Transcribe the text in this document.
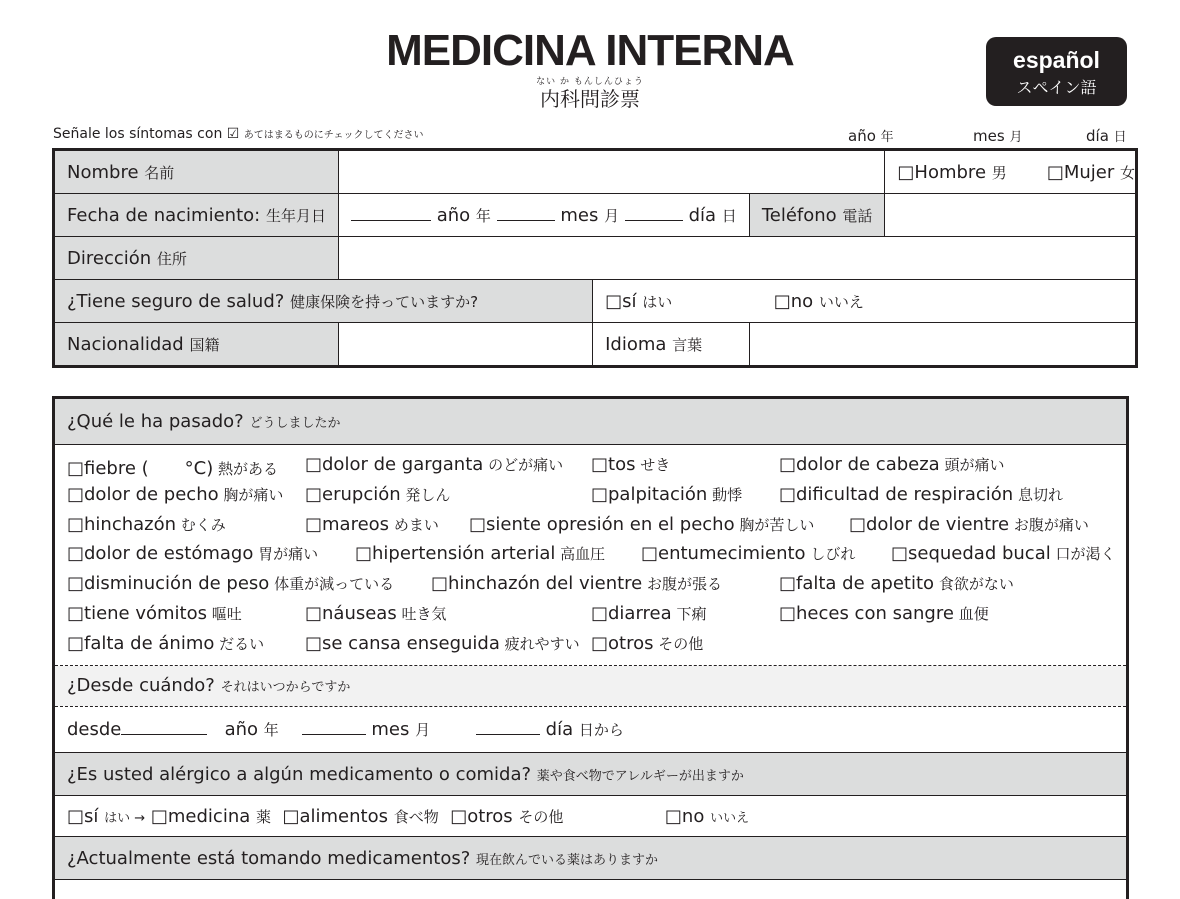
MEDICINA INTERNA
ない か もんしんひょう
内科問診票
español
スペイン語
Señale los síntomas con ☑ あてはまるものにチェックしてください	año 年	mes 月	día 日
Nombre 名前				□Hombre 男 □Mujer 女
Fecha de nacimiento: 生年月日	año 年 mes 月 día 日		Teléfono 電話	
Dirección 住所				
¿Tiene seguro de salud? 健康保険を持っていますか?		□sí はい □no いいえ		
Nacionalidad 国籍		Idioma 言葉		
¿Qué le ha pasado? どうしましたか
□fiebre (　　°C) 熱がある □dolor de garganta のどが痛い □tos せき	□dolor de cabeza 頭が痛い
□dolor de pecho 胸が痛い □erupción 発しん	□palpitación 動悸 □dificultad de respiración 息切れ
□hinchazón むくみ	□mareos めまい □siente opresión en el pecho 胸が苦しい □dolor de vientre お腹が痛い
□dolor de estómago 胃が痛い □hipertensión arterial 高血圧 □entumecimiento しびれ □sequedad bucal 口が渇く
□disminución de peso 体重が減っている □hinchazón del vientre お腹が張る	□falta de apetito 食欲がない
□tiene vómitos 嘔吐	□náuseas 吐き気	□diarrea 下痢	□heces con sangre 血便
□falta de ánimo だるい □se cansa enseguida 疲れやすい □otros その他
¿Desde cuándo? それはいつからですか
desde	año 年	mes 月	día 日から
¿Es usted alérgico a algún medicamento o comida? 薬や食べ物でアレルギーが出ますか
□sí はい → □medicina 薬 □alimentos 食べ物 □otros その他	□no いいえ
¿Actualmente está tomando medicamentos? 現在飲んでいる薬はありますか
